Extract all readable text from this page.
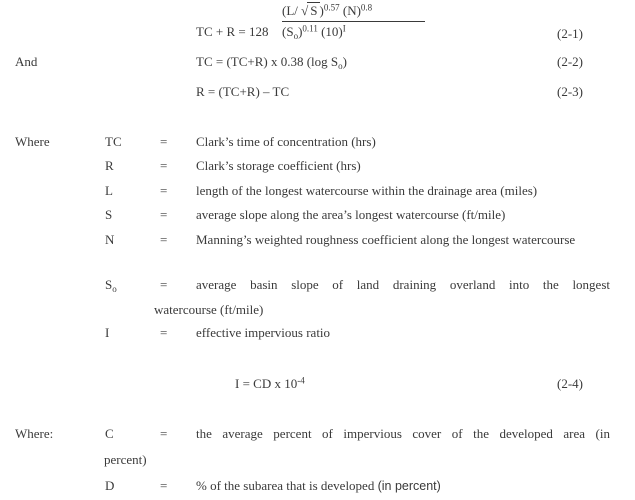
(L/ √ S )$^{0.57}$ $(N)^{0.8}$
TC + R = 128 $(S_o)^{0.11}$ $(10)^I$	(2-1)
And	TC = (TC+R) x 0.38 (log $S_o$)	(2-2)
R = (TC+R) – TC	(2-3)
Where	TC	=	Clark’s time of concentration (hrs)
R	=	Clark’s storage coefficient (hrs)
L	=	length of the longest watercourse within the drainage area (miles)
S	=	average slope along the area’s longest watercourse (ft/mile)
N	=	Manning’s weighted roughness coefficient along the longest watercourse
$S_o$	=	average basin slope of land draining overland into the longest
watercourse (ft/mile)
I	=	effective impervious ratio
I = CD x $10^{-4}$	(2-4)
Where:	C	=	the average percent of impervious cover of the developed area (in
percent)
D	=	% of the subarea that is developed (in percent)
